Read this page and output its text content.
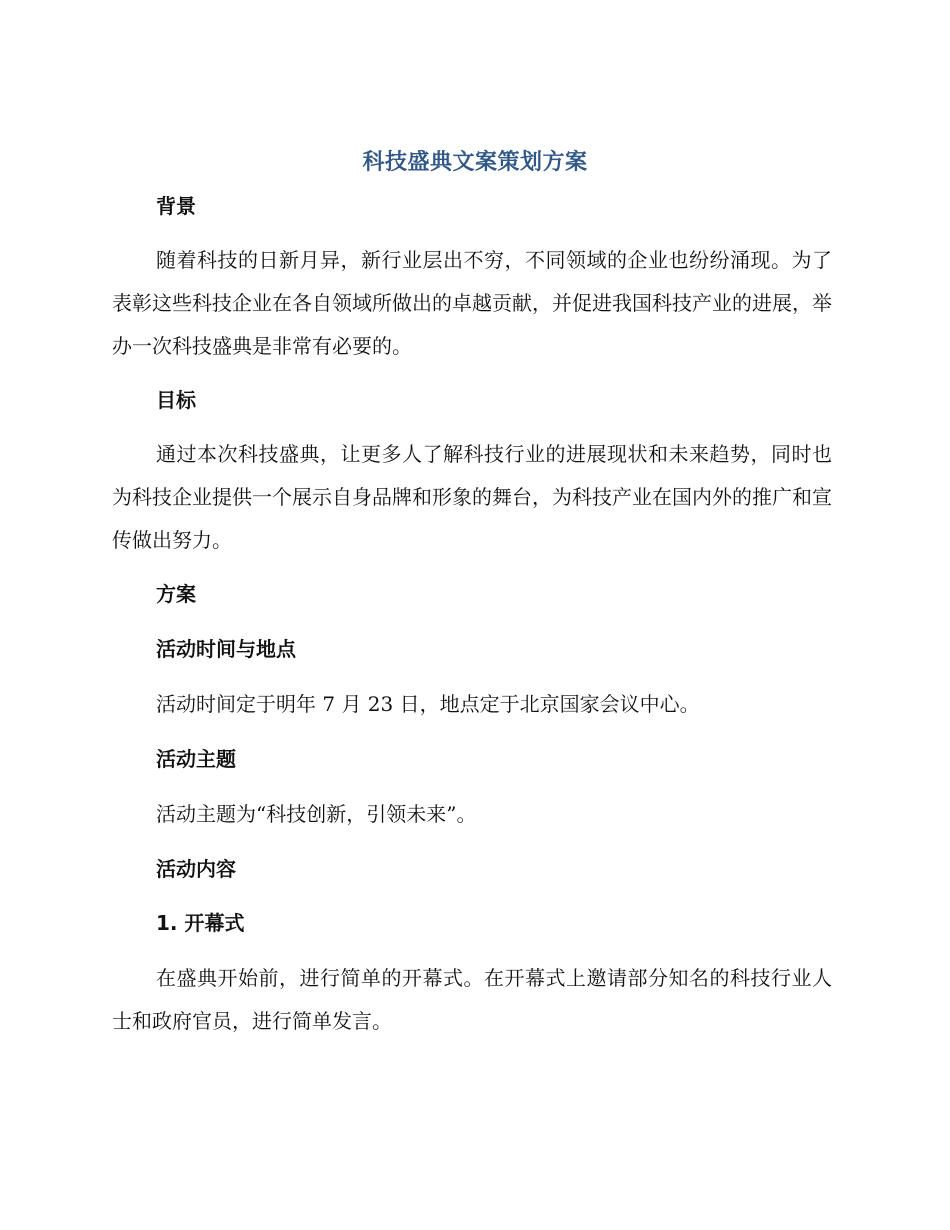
科技盛典文案策划方案
背景
随着科技的日新月异，新行业层出不穷，不同领域的企业也纷纷涌现。为了表彰这些科技企业在各自领域所做出的卓越贡献，并促进我国科技产业的进展，举办一次科技盛典是非常有必要的。
目标
通过本次科技盛典，让更多人了解科技行业的进展现状和未来趋势，同时也为科技企业提供一个展示自身品牌和形象的舞台，为科技产业在国内外的推广和宣传做出努力。
方案
活动时间与地点
活动时间定于明年 7 月 23 日，地点定于北京国家会议中心。
活动主题
活动主题为“科技创新，引领未来”。
活动内容
1. 开幕式
在盛典开始前，进行简单的开幕式。在开幕式上邀请部分知名的科技行业人士和政府官员，进行简单发言。
